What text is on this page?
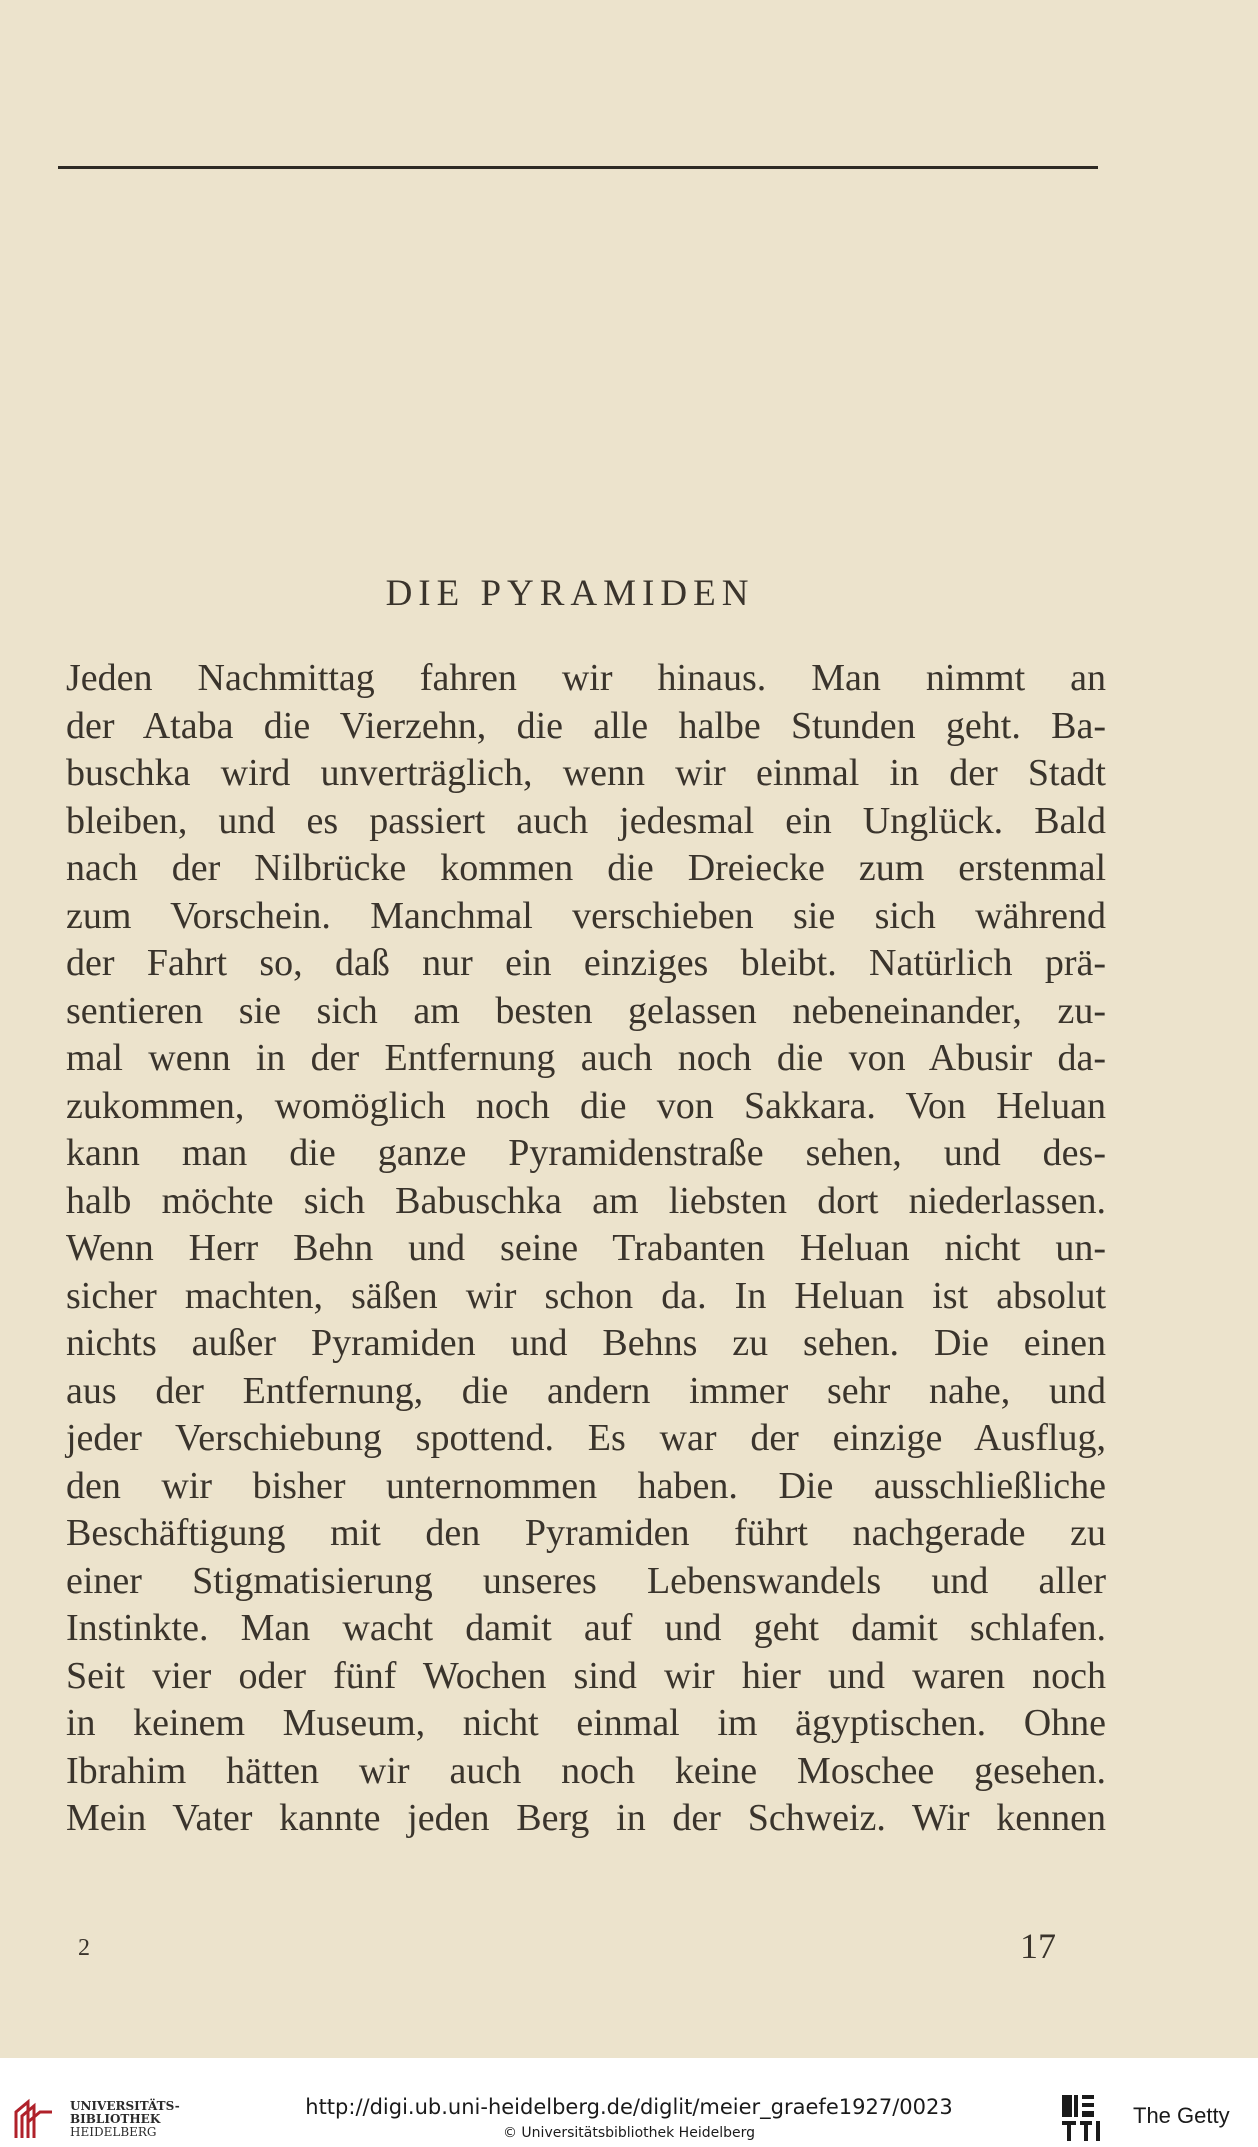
DIE PYRAMIDEN
Jeden Nachmittag fahren wir hinaus. Man nimmt an
der Ataba die Vierzehn, die alle halbe Stunden geht. Ba-
buschka wird unverträglich, wenn wir einmal in der Stadt
bleiben, und es passiert auch jedesmal ein Unglück. Bald
nach der Nilbrücke kommen die Dreiecke zum erstenmal
zum Vorschein. Manchmal verschieben sie sich während
der Fahrt so, daß nur ein einziges bleibt. Natürlich prä-
sentieren sie sich am besten gelassen nebeneinander, zu-
mal wenn in der Entfernung auch noch die von Abusir da-
zukommen, womöglich noch die von Sakkara. Von Heluan
kann man die ganze Pyramidenstraße sehen, und des-
halb möchte sich Babuschka am liebsten dort niederlassen.
Wenn Herr Behn und seine Trabanten Heluan nicht un-
sicher machten, säßen wir schon da. In Heluan ist absolut
nichts außer Pyramiden und Behns zu sehen. Die einen
aus der Entfernung, die andern immer sehr nahe, und
jeder Verschiebung spottend. Es war der einzige Ausflug,
den wir bisher unternommen haben. Die ausschließliche
Beschäftigung mit den Pyramiden führt nachgerade zu
einer Stigmatisierung unseres Lebenswandels und aller
Instinkte. Man wacht damit auf und geht damit schlafen.
Seit vier oder fünf Wochen sind wir hier und waren noch
in keinem Museum, nicht einmal im ägyptischen. Ohne
Ibrahim hätten wir auch noch keine Moschee gesehen.
Mein Vater kannte jeden Berg in der Schweiz. Wir kennen
2	17
UNIVERSITÄTS-
BIBLIOTHEK
HEIDELBERG
http://digi.ub.uni-heidelberg.de/diglit/meier_graefe1927/0023
© Universitätsbibliothek Heidelberg
The Getty
